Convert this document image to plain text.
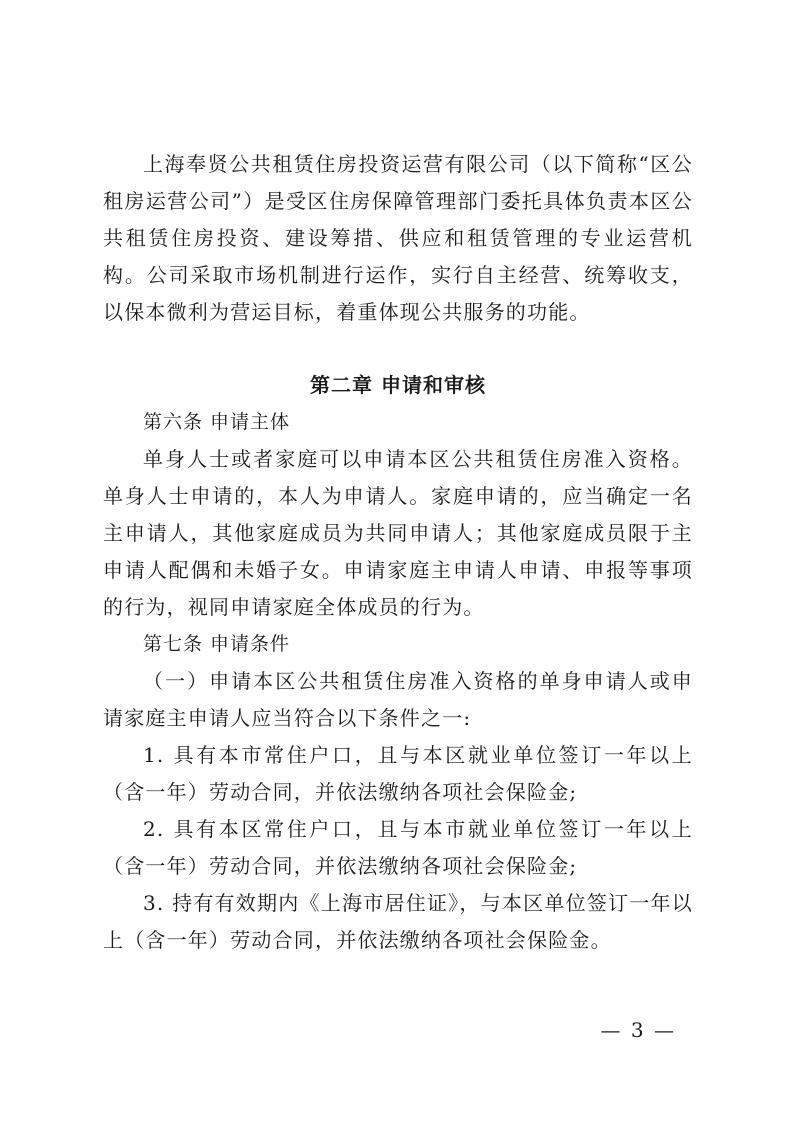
上海奉贤公共租赁住房投资运营有限公司（以下简称“区公租房运营公司”）是受区住房保障管理部门委托具体负责本区公共租赁住房投资、建设筹措、供应和租赁管理的专业运营机构。公司采取市场机制进行运作，实行自主经营、统筹收支，以保本微利为营运目标，着重体现公共服务的功能。

第二章 申请和审核

第六条 申请主体

单身人士或者家庭可以申请本区公共租赁住房准入资格。单身人士申请的，本人为申请人。家庭申请的，应当确定一名主申请人，其他家庭成员为共同申请人；其他家庭成员限于主申请人配偶和未婚子女。申请家庭主申请人申请、申报等事项的行为，视同申请家庭全体成员的行为。

第七条 申请条件

（一）申请本区公共租赁住房准入资格的单身申请人或申请家庭主申请人应当符合以下条件之一:

1. 具有本市常住户口，且与本区就业单位签订一年以上（含一年）劳动合同，并依法缴纳各项社会保险金;

2. 具有本区常住户口，且与本市就业单位签订一年以上（含一年）劳动合同，并依法缴纳各项社会保险金;

3. 持有有效期内《上海市居住证》，与本区单位签订一年以上（含一年）劳动合同，并依法缴纳各项社会保险金。

— 3 —
